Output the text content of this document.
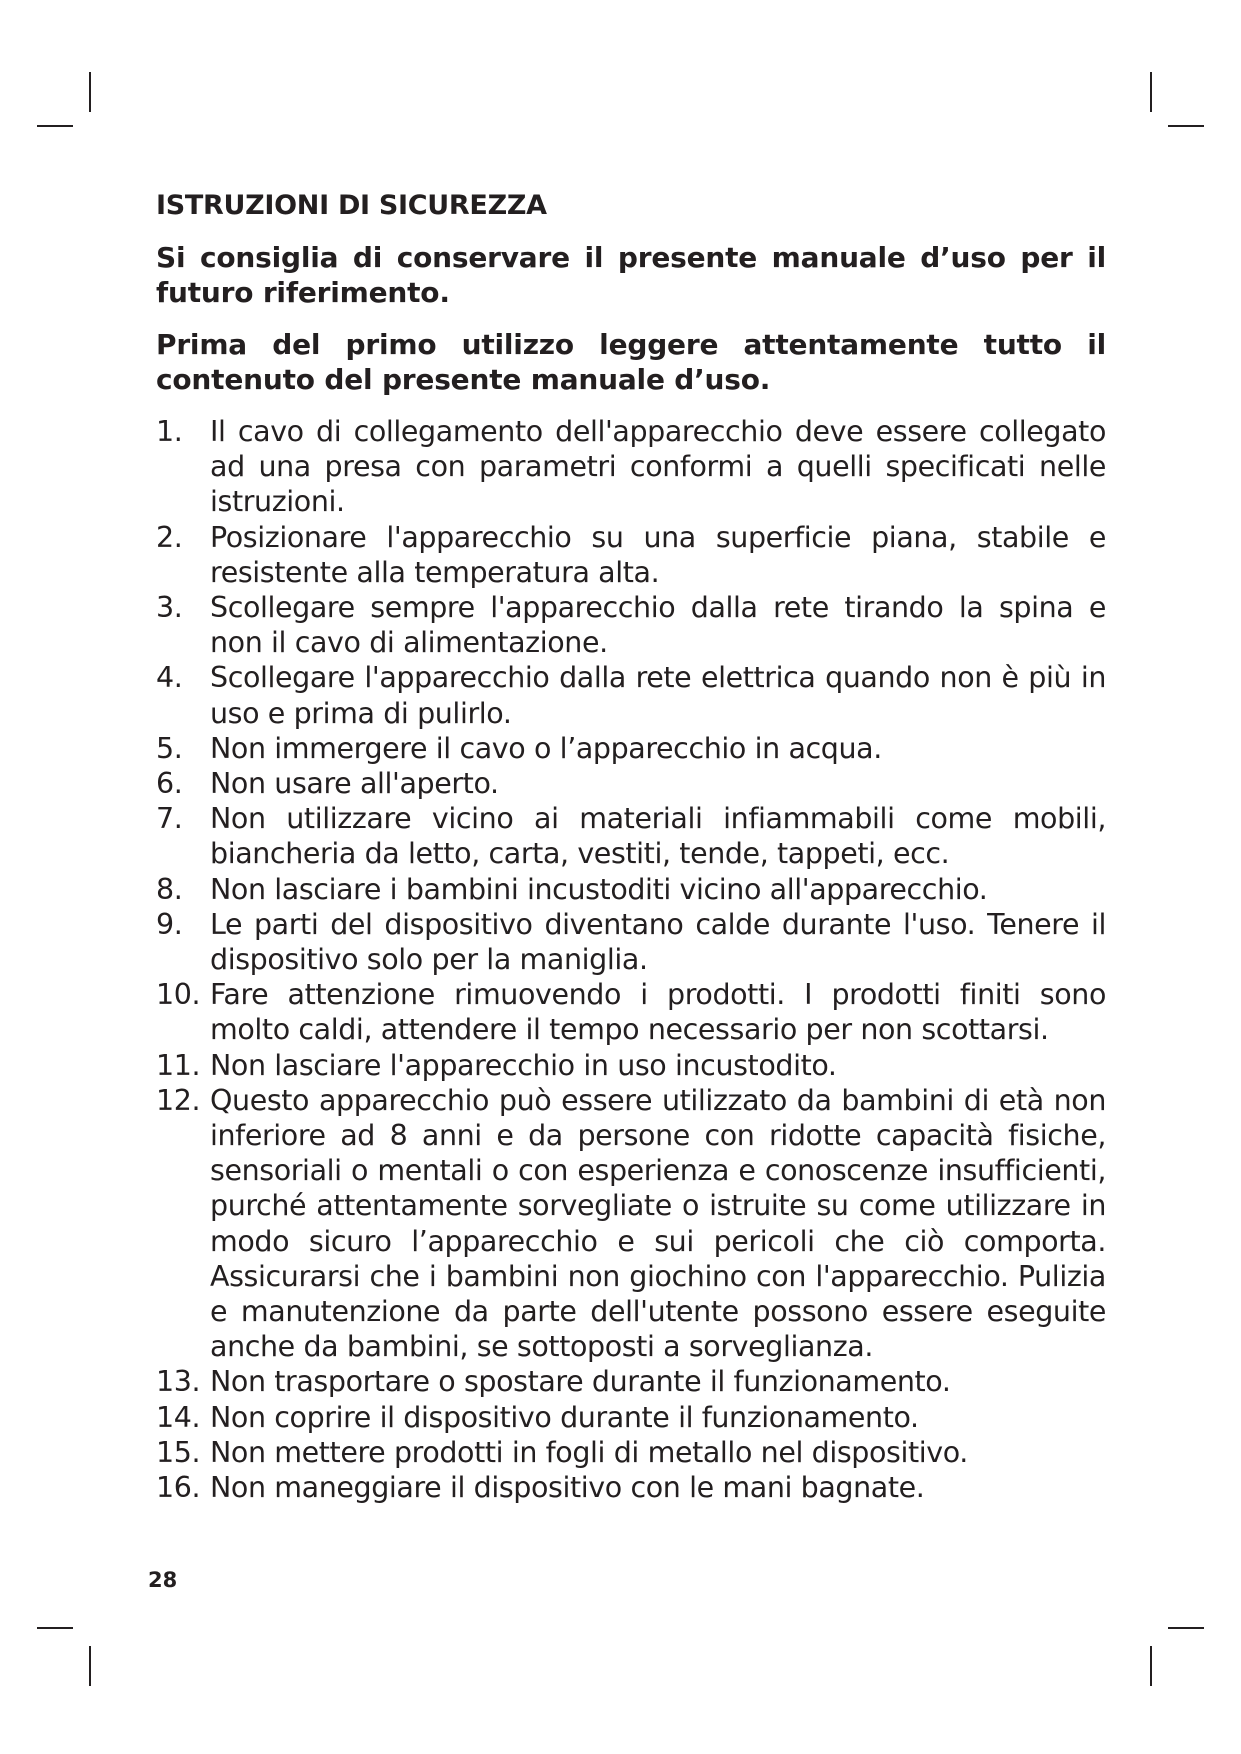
ISTRUZIONI DI SICUREZZA

Si consiglia di conservare il presente manuale d’uso per il futuro riferimento.

Prima del primo utilizzo leggere attentamente tutto il contenuto del presente manuale d’uso.

1. Il cavo di collegamento dell'apparecchio deve essere collegato ad una presa con parametri conformi a quelli specificati nelle istruzioni.
2. Posizionare l'apparecchio su una superficie piana, stabile e resistente alla temperatura alta.
3. Scollegare sempre l'apparecchio dalla rete tirando la spina e non il cavo di alimentazione.
4. Scollegare l'apparecchio dalla rete elettrica quando non è più in uso e prima di pulirlo.
5. Non immergere il cavo o l’apparecchio in acqua.
6. Non usare all'aperto.
7. Non utilizzare vicino ai materiali infiammabili come mobili, biancheria da letto, carta, vestiti, tende, tappeti, ecc.
8. Non lasciare i bambini incustoditi vicino all'apparecchio.
9. Le parti del dispositivo diventano calde durante l'uso. Tenere il dispositivo solo per la maniglia.
10. Fare attenzione rimuovendo i prodotti. I prodotti finiti sono molto caldi, attendere il tempo necessario per non scottarsi.
11. Non lasciare l'apparecchio in uso incustodito.
12. Questo apparecchio può essere utilizzato da bambini di età non inferiore ad 8 anni e da persone con ridotte capacità fisiche, sensoriali o mentali o con esperienza e conoscenze insufficienti, purché attentamente sorvegliate o istruite su come utilizzare in modo sicuro l’apparecchio e sui pericoli che ciò comporta. Assicurarsi che i bambini non giochino con l'apparecchio. Pulizia e manutenzione da parte dell'utente possono essere eseguite anche da bambini, se sottoposti a sorveglianza.
13. Non trasportare o spostare durante il funzionamento.
14. Non coprire il dispositivo durante il funzionamento.
15. Non mettere prodotti in fogli di metallo nel dispositivo.
16. Non maneggiare il dispositivo con le mani bagnate.
28
